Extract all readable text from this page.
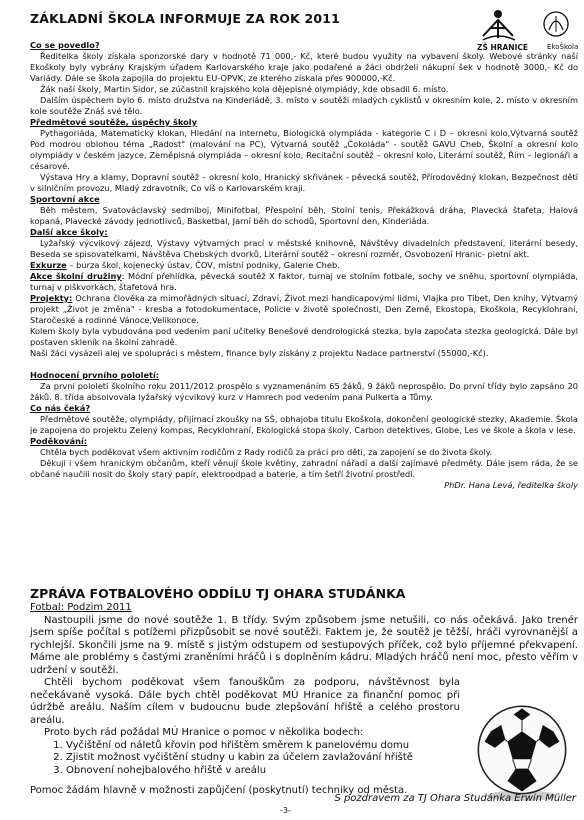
ZÁKLADNÍ ŠKOLA INFORMUJE ZA ROK 2011
ZŠ HRANICE	EkoŠkola

Co se povedlo?

Ředitelka školy získala sponzorské dary v hodnotě 71 000,- Kč, které budou využity na vybavení školy. Webové stránky naší Ekoškoly byly vybrány Krajským úřadem Karlovarského kraje jako podařené a žáci obdrželi nákupní šek v hodnotě 3000,- Kč do Variády. Dále se škola zapojila do projektu EU-OPVK, ze kterého získala přes 900000,-Kč.

Žák naší školy, Martin Sidor, se zúčastnil krajského kola dějepisné olympiády, kde obsadil 6. místo.

Dalším úspěchem bylo 6. místo družstva na Kinderiádě, 3. místo v soutěži mladých cyklistů v okresním kole, 2. místo v okresním kole soutěže Znáš své tělo.

Předmětové soutěže, úspěchy školy

Pythagoriáda, Matematický klokan, Hledání na internetu, Biologická olympiáda - kategorie C i D – okresní kolo,Výtvarná soutěž Pod modrou oblohou téma „Radost" (malování na PC), Výtvarná soutěž „Čokoláda" - soutěž GAVU Cheb, Školní a okresní kolo olympiády v českém jazyce, Zeměpisná olympiáda – okresní kolo, Recitační soutěž – okresní kolo, Literární soutěž, Řím – legionáři a césarové.

Výstava Hry a klamy, Dopravní soutěž – okresní kolo, Hranický skřivánek - pěvecká soutěž, Přírodovědný klokan, Bezpečnost dětí v silničním provozu, Mladý zdravotník, Co víš o Karlovarském kraji.

Sportovní akce

Běh městem, Svatováclavský sedmiboj, Minifotbal, Přespolní běh, Stolní tenis, Překážková dráha, Plavecká štafeta, Halová kopaná, Plavecké závody jednotlivců, Basketbal, Jarní běh do schodů, Sportovní den, Kinderiáda.

Další akce školy:

Lyžařský výcvikový zájezd, Výstavy výtvarných prací v městské knihovně, Návštěvy divadelních představení, literární besedy, Beseda se spisovatelkami, Návštěva Chebských dvorků, Literární soutěž – okresní rozměr, Osvobození Hranic- pietní akt.

Exkurze – burza škol, kojenecký ústav, ČOV, místní podniky, Galerie Cheb.

Akce školní družiny: Módní přehlídka, pěvecká soutěž X faktor, turnaj ve stolním fotbale, sochy ve sněhu, sportovní olympiáda, turnaj v piškvorkách, štafetová hra.

Projekty: Ochrana člověka za mimořádných situací, Zdraví, Život mezi handicapovými lidmi, Vlajka pro Tibet, Den knihy, Výtvarný projekt „Život je změna" - kresba a fotodokumentace, Policie v životě společnosti, Den Země, Ekostopa, Ekoškola, Recyklohraní, Staročeské a rodinné Vánoce,Velikonoce.

Kolem školy byla vybudována pod vedením paní učitelky Benešové dendrologická stezka, byla započata stezka geologická. Dále byl postaven skleník na školní zahradě.

Naši žáci vysázeli alej ve spolupráci s městem, finance byly získány z projektu Nadace partnerství (55000,-Kč).

Hodnocení prvního pololetí:

Za první pololetí školního roku 2011/2012 prospělo s vyznamenáním 65 žáků, 9 žáků neprospělo. Do první třídy bylo zapsáno 20 žáků. 8. třída absolvovala lyžařský výcvikový kurz v Hamrech pod vedením pana Pulkerta a Tůmy.

Co nás čeká?

Předmětové soutěže, olympiády, přijímací zkoušky na SŠ, obhajoba titulu Ekoškola, dokončení geologické stezky, Akademie. Škola je zapojena do projektu Zelený kompas, Recyklohraní, Ekologická stopa školy, Carbon detektives, Globe, Les ve škole a škola v lese.

Poděkování:

Chtěla bych poděkovat všem aktivním rodičům z Rady rodičů za práci pro děti, za zapojení se do života školy.

Děkuji i všem hranickým občanům, kteří věnují škole květiny, zahradní nářadí a další zajímavé předměty. Dále jsem ráda, že se občané naučili nosit do školy starý papír, elektroodpad a baterie, a tím šetří životní prostředí.

PhDr. Hana Levá, ředitelka školy

ZPRÁVA FOTBALOVÉHO ODDÍLU TJ OHARA STUDÁNKA

Fotbal: Podzim 2011

Nastoupili jsme do nové soutěže 1. B třídy. Svým způsobem jsme netušili, co nás očekává. Jako trenér jsem spíše počítal s potížemi přizpůsobit se nové soutěži. Faktem je, že soutěž je těžší, hráči vyrovnanější a rychlejší. Skončili jsme na 9. místě s jistým odstupem od sestupových příček, což bylo příjemné překvapení. Máme ale problémy s častými zraněními hráčů i s doplněním kádru. Mladých hráčů není moc, přesto věřím v udržení v soutěži.

Chtěli bychom poděkovat všem fanouškům za podporu, návštěvnost byla nečekávaně vysoká. Dále bych chtěl poděkovat MÚ Hranice za finanční pomoc při údržbě areálu. Naším cílem v budoucnu bude zlepšování hřiště a celého prostoru areálu.

Proto bych rád požádal MÚ Hranice o pomoc v několika bodech:

1. Vyčištění od náletů křovin pod hřištěm směrem k panelovému domu
2. Zjistit možnost vyčištění studny u kabin za účelem zavlažování hřiště
3. Obnovení nohejbalového hřiště v areálu

Pomoc žádám hlavně v možnosti zapůjčení (poskytnutí) techniky od města.

S pozdravem za TJ Ohara Studánka Erwin Müller
-3-
